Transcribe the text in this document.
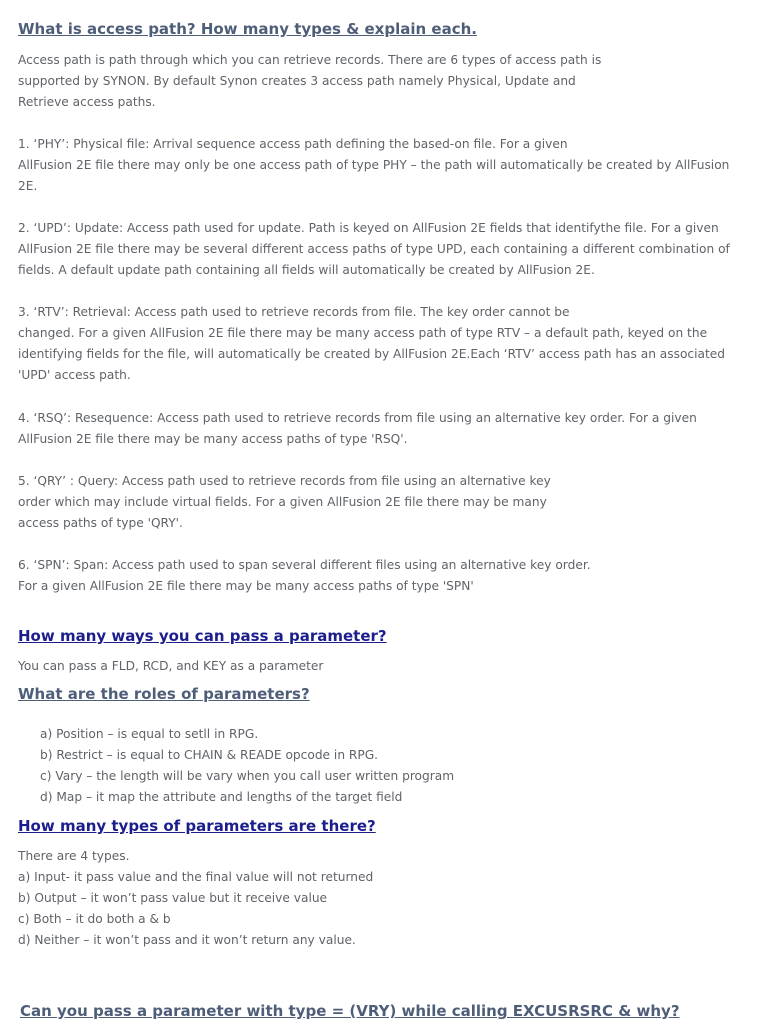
What is access path? How many types & explain each.
Access path is path through which you can retrieve records. There are 6 types of access path is
supported by SYNON. By default Synon creates 3 access path namely Physical, Update and
Retrieve access paths.
1. ‘PHY’: Physical file: Arrival sequence access path defining the based-on file. For a given
AllFusion 2E file there may only be one access path of type PHY – the path will automatically be created by AllFusion
2E.
2. ‘UPD’: Update: Access path used for update. Path is keyed on AllFusion 2E fields that identifythe file. For a given
AllFusion 2E file there may be several different access paths of type UPD, each containing a different combination of
fields. A default update path containing all fields will automatically be created by AllFusion 2E.
3. ‘RTV’: Retrieval: Access path used to retrieve records from file. The key order cannot be
changed. For a given AllFusion 2E file there may be many access path of type RTV – a default path, keyed on the
identifying fields for the file, will automatically be created by AllFusion 2E.Each ‘RTV’ access path has an associated
'UPD' access path.
4. ‘RSQ’: Resequence: Access path used to retrieve records from file using an alternative key order. For a given
AllFusion 2E file there may be many access paths of type 'RSQ'.
5. ‘QRY’ : Query: Access path used to retrieve records from file using an alternative key
order which may include virtual fields. For a given AllFusion 2E file there may be many
access paths of type 'QRY'.
6. ‘SPN’: Span: Access path used to span several different files using an alternative key order.
For a given AllFusion 2E file there may be many access paths of type 'SPN'
How many ways you can pass a parameter?
You can pass a FLD, RCD, and KEY as a parameter
What are the roles of parameters?
a) Position – is equal to setll in RPG.
b) Restrict – is equal to CHAIN & READE opcode in RPG.
c) Vary – the length will be vary when you call user written program
d) Map – it map the attribute and lengths of the target field
How many types of parameters are there?
There are 4 types.
a) Input- it pass value and the final value will not returned
b) Output – it won’t pass value but it receive value
c) Both – it do both a & b
d) Neither – it won’t pass and it won’t return any value.
Can you pass a parameter with type = (VRY) while calling EXCUSRSRC & why?
